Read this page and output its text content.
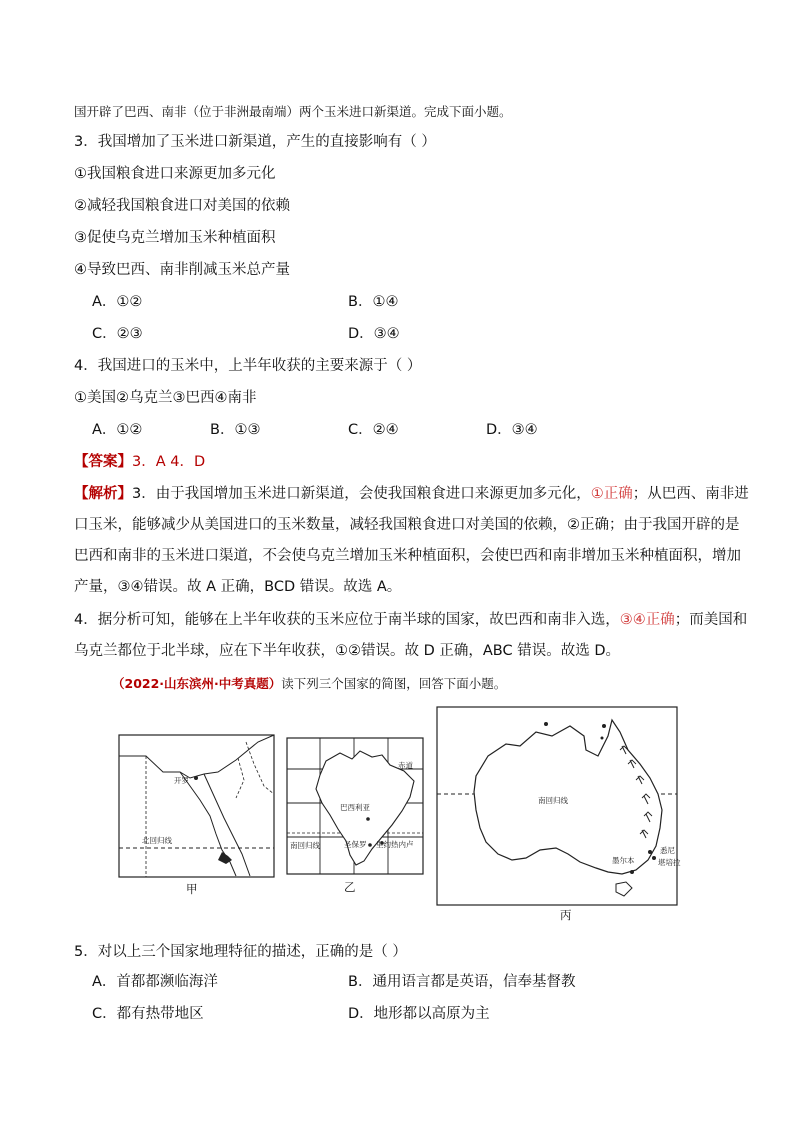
国开辟了巴西、南非（位于非洲最南端）两个玉米进口新渠道。完成下面小题。
3．我国增加了玉米进口新渠道，产生的直接影响有（ ）
①我国粮食进口来源更加多元化
②减轻我国粮食进口对美国的依赖
③促使乌克兰增加玉米种植面积
④导致巴西、南非削减玉米总产量
A．①②	B．①④
C．②③	D．③④
4．我国进口的玉米中，上半年收获的主要来源于（ ）
①美国②乌克兰③巴西④南非
A．①②	B．①③	C．②④	D．③④
【答案】3．A 4．D
【解析】3．由于我国增加玉米进口新渠道，会使我国粮食进口来源更加多元化，①正确；从巴西、南非进
口玉米，能够减少从美国进口的玉米数量，减轻我国粮食进口对美国的依赖，②正确；由于我国开辟的是
巴西和南非的玉米进口渠道，不会使乌克兰增加玉米种植面积，会使巴西和南非增加玉米种植面积，增加
产量，③④错误。故 A 正确，BCD 错误。故选 A。
4．据分析可知，能够在上半年收获的玉米应位于南半球的国家，故巴西和南非入选，③④正确；而美国和
乌克兰都位于北半球，应在下半年收获，①②错误。故 D 正确，ABC 错误。故选 D。
（2022·山东滨州·中考真题）读下列三个国家的简图，回答下面小题。
开罗
北回归线
甲
赤道
巴西利亚
南回归线	圣保罗 里约热内卢
乙
南回归线
墨尔本
悉尼
堪培拉
丙
5．对以上三个国家地理特征的描述，正确的是（ ）
A．首都都濒临海洋	B．通用语言都是英语，信奉基督教
C．都有热带地区	D．地形都以高原为主
